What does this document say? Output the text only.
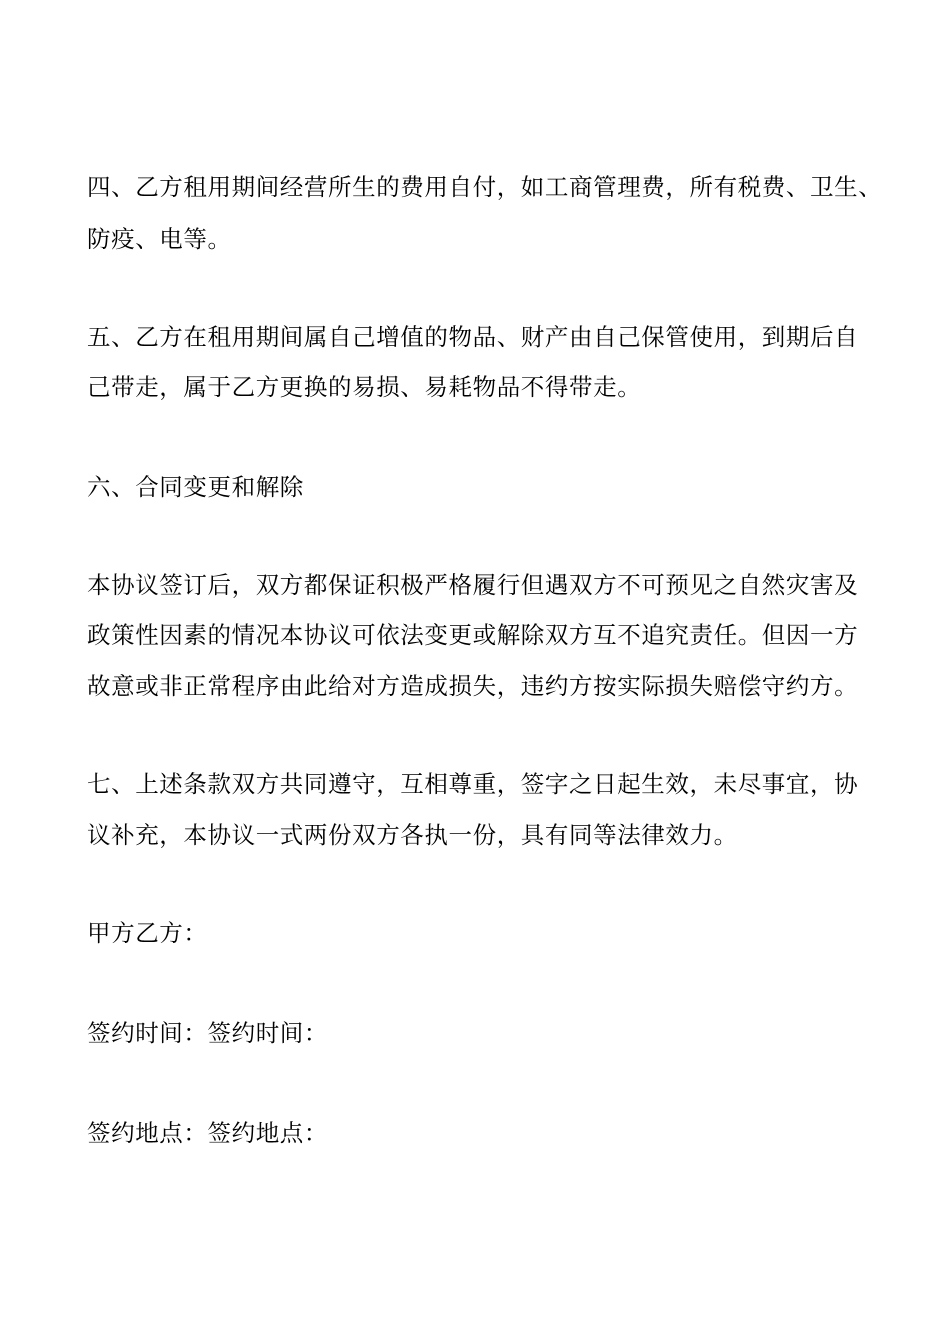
四、乙方租用期间经营所生的费用自付，如工商管理费，所有税费、卫生、
防疫、电等。
五、乙方在租用期间属自己增值的物品、财产由自己保管使用，到期后自
己带走，属于乙方更换的易损、易耗物品不得带走。
六、合同变更和解除
本协议签订后，双方都保证积极严格履行但遇双方不可预见之自然灾害及
政策性因素的情况本协议可依法变更或解除双方互不追究责任。但因一方
故意或非正常程序由此给对方造成损失，违约方按实际损失赔偿守约方。
七、上述条款双方共同遵守，互相尊重，签字之日起生效，未尽事宜，协
议补充，本协议一式两份双方各执一份，具有同等法律效力。
甲方乙方：
签约时间：签约时间：
签约地点：签约地点：
